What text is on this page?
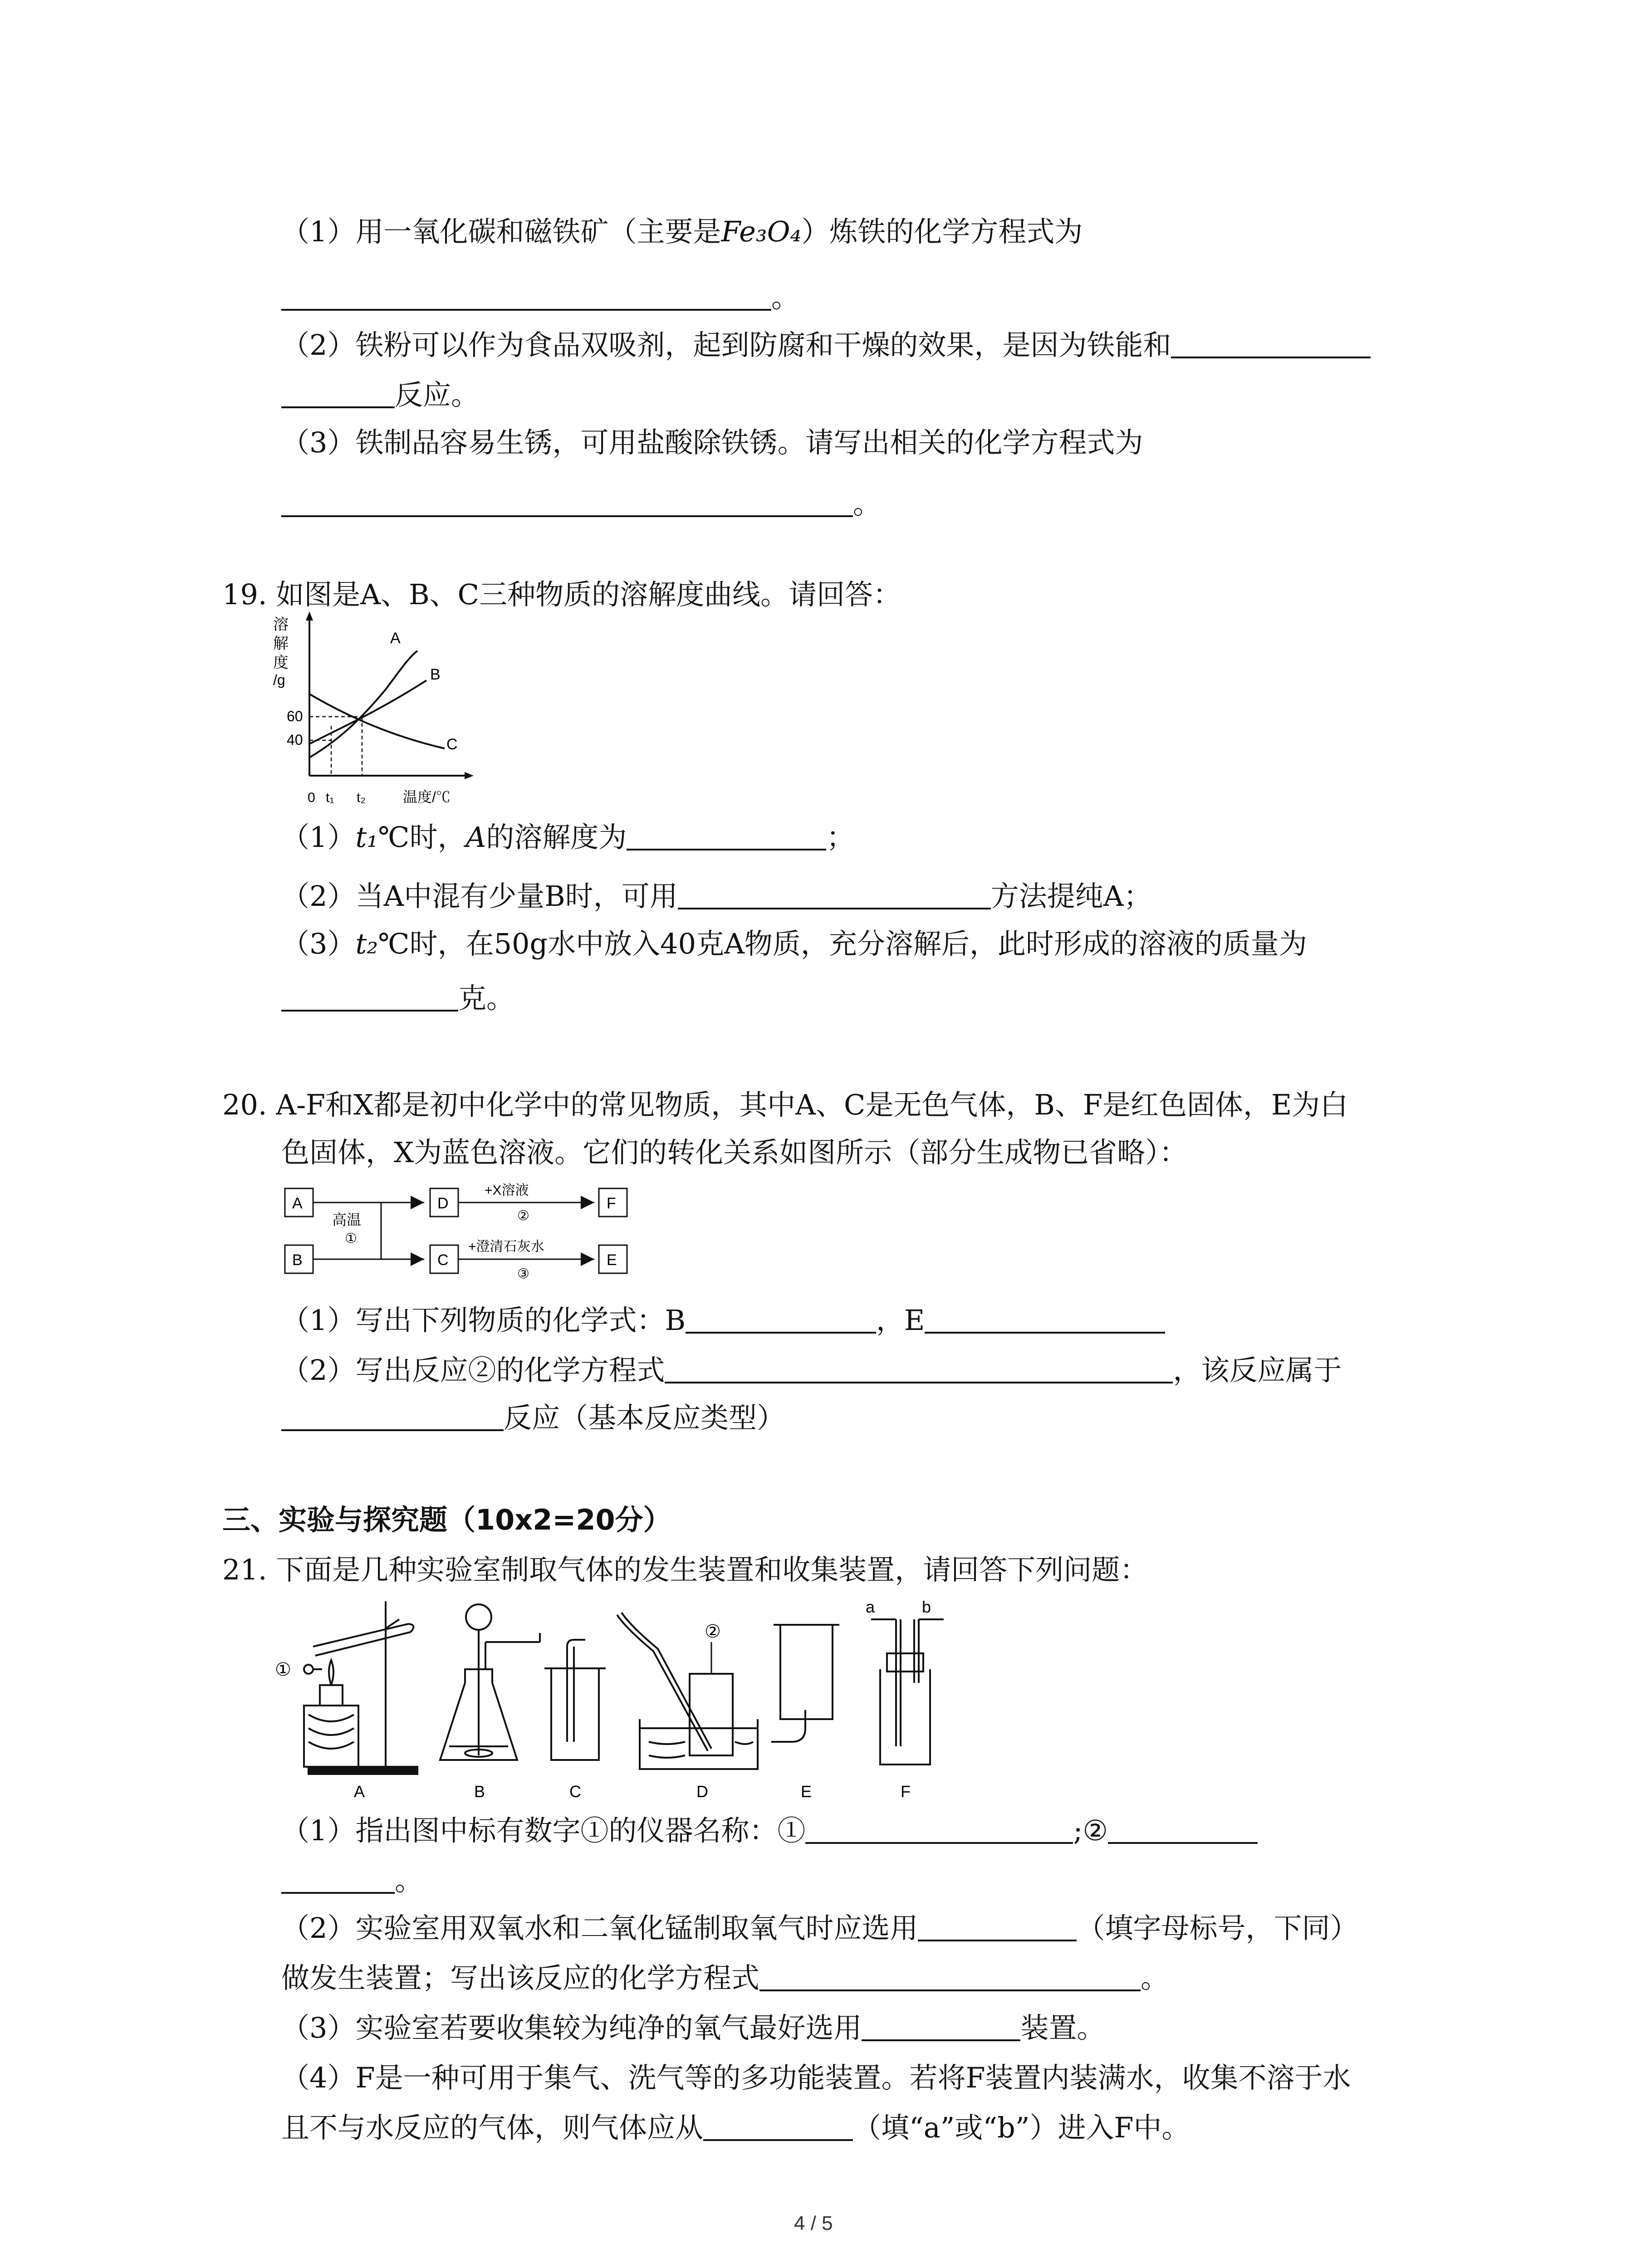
（1）用一氧化碳和磁铁矿（主要是Fe₃O₄）炼铁的化学方程式为
。
（2）铁粉可以作为食品双吸剂，起到防腐和干燥的效果，是因为铁能和
反应。
（3）铁制品容易生锈，可用盐酸除铁锈。请写出相关的化学方程式为
。
19. 如图是A、B、C三种物质的溶解度曲线。请回答：
溶
解
度
/g
60
40
A
B
C
0 t₁ t₂	温度/℃
（1）t₁℃时，A的溶解度为	；
（2）当A中混有少量B时，可用	方法提纯A；
（3）t₂℃时，在50g水中放入40克A物质，充分溶解后，此时形成的溶液的质量为
克。
20. A-F和X都是初中化学中的常见物质，其中A、C是无色气体，B、F是红色固体，E为白
色固体，X为蓝色溶液。它们的转化关系如图所示（部分生成物已省略）：
A
B
高温
①
D
C
+X溶液
②
+澄清石灰水
③
F
E
（1）写出下列物质的化学式：B	，E
（2）写出反应②的化学方程式	，该反应属于
反应（基本反应类型）
三、实验与探究题（10x2=20分）
21. 下面是几种实验室制取气体的发生装置和收集装置，请回答下列问题：
①
②
a	b
A	B	C	D	E	F
（1）指出图中标有数字①的仪器名称：①	;②
。
（2）实验室用双氧水和二氧化锰制取氧气时应选用	（填字母标号，下同）
做发生装置；写出该反应的化学方程式	。
（3）实验室若要收集较为纯净的氧气最好选用	装置。
（4）F是一种可用于集气、洗气等的多功能装置。若将F装置内装满水，收集不溶于水
且不与水反应的气体，则气体应从	（填“a”或“b”）进入F中。
4 / 5
